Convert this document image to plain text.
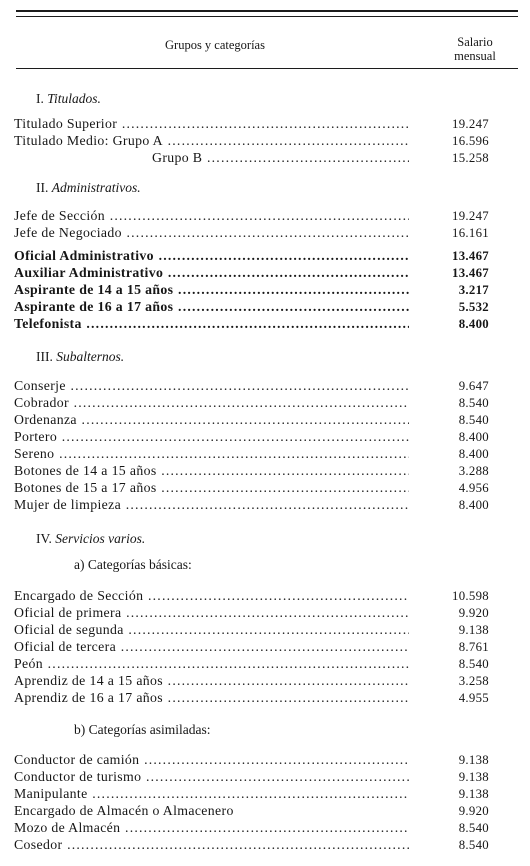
Grupos y categorías	Salario
mensual
I. Titulados.
Titulado Superior .....	19.247
Titulado Medio: Grupo A .....	16.596
Grupo B .....	15.258
II. Administrativos.
Jefe de Sección .....	19.247
Jefe de Negociado .....	16.161
Oficial Administrativo .....	13.467
Auxiliar Administrativo .....	13.467
Aspirante de 14 a 15 años .....	3.217
Aspirante de 16 a 17 años .....	5.532
Telefonista .....	8.400
III. Subalternos.
Conserje .....	9.647
Cobrador .....	8.540
Ordenanza .....	8.540
Portero .....	8.400
Sereno .....	8.400
Botones de 14 a 15 años .....	3.288
Botones de 15 a 17 años .....	4.956
Mujer de limpieza .....	8.400
IV. Servicios varios.
a) Categorías básicas:
Encargado de Sección .....	10.598
Oficial de primera .....	9.920
Oficial de segunda .....	9.138
Oficial de tercera .....	8.761
Peón .....	8.540
Aprendiz de 14 a 15 años .....	3.258
Aprendiz de 16 a 17 años .....	4.955
b) Categorías asimiladas:
Conductor de camión .....	9.138
Conductor de turismo .....	9.138
Manipulante .....	9.138
Encargado de Almacén o Almacenero	9.920
Mozo de Almacén .....	8.540
Cosedor .....	8.540
